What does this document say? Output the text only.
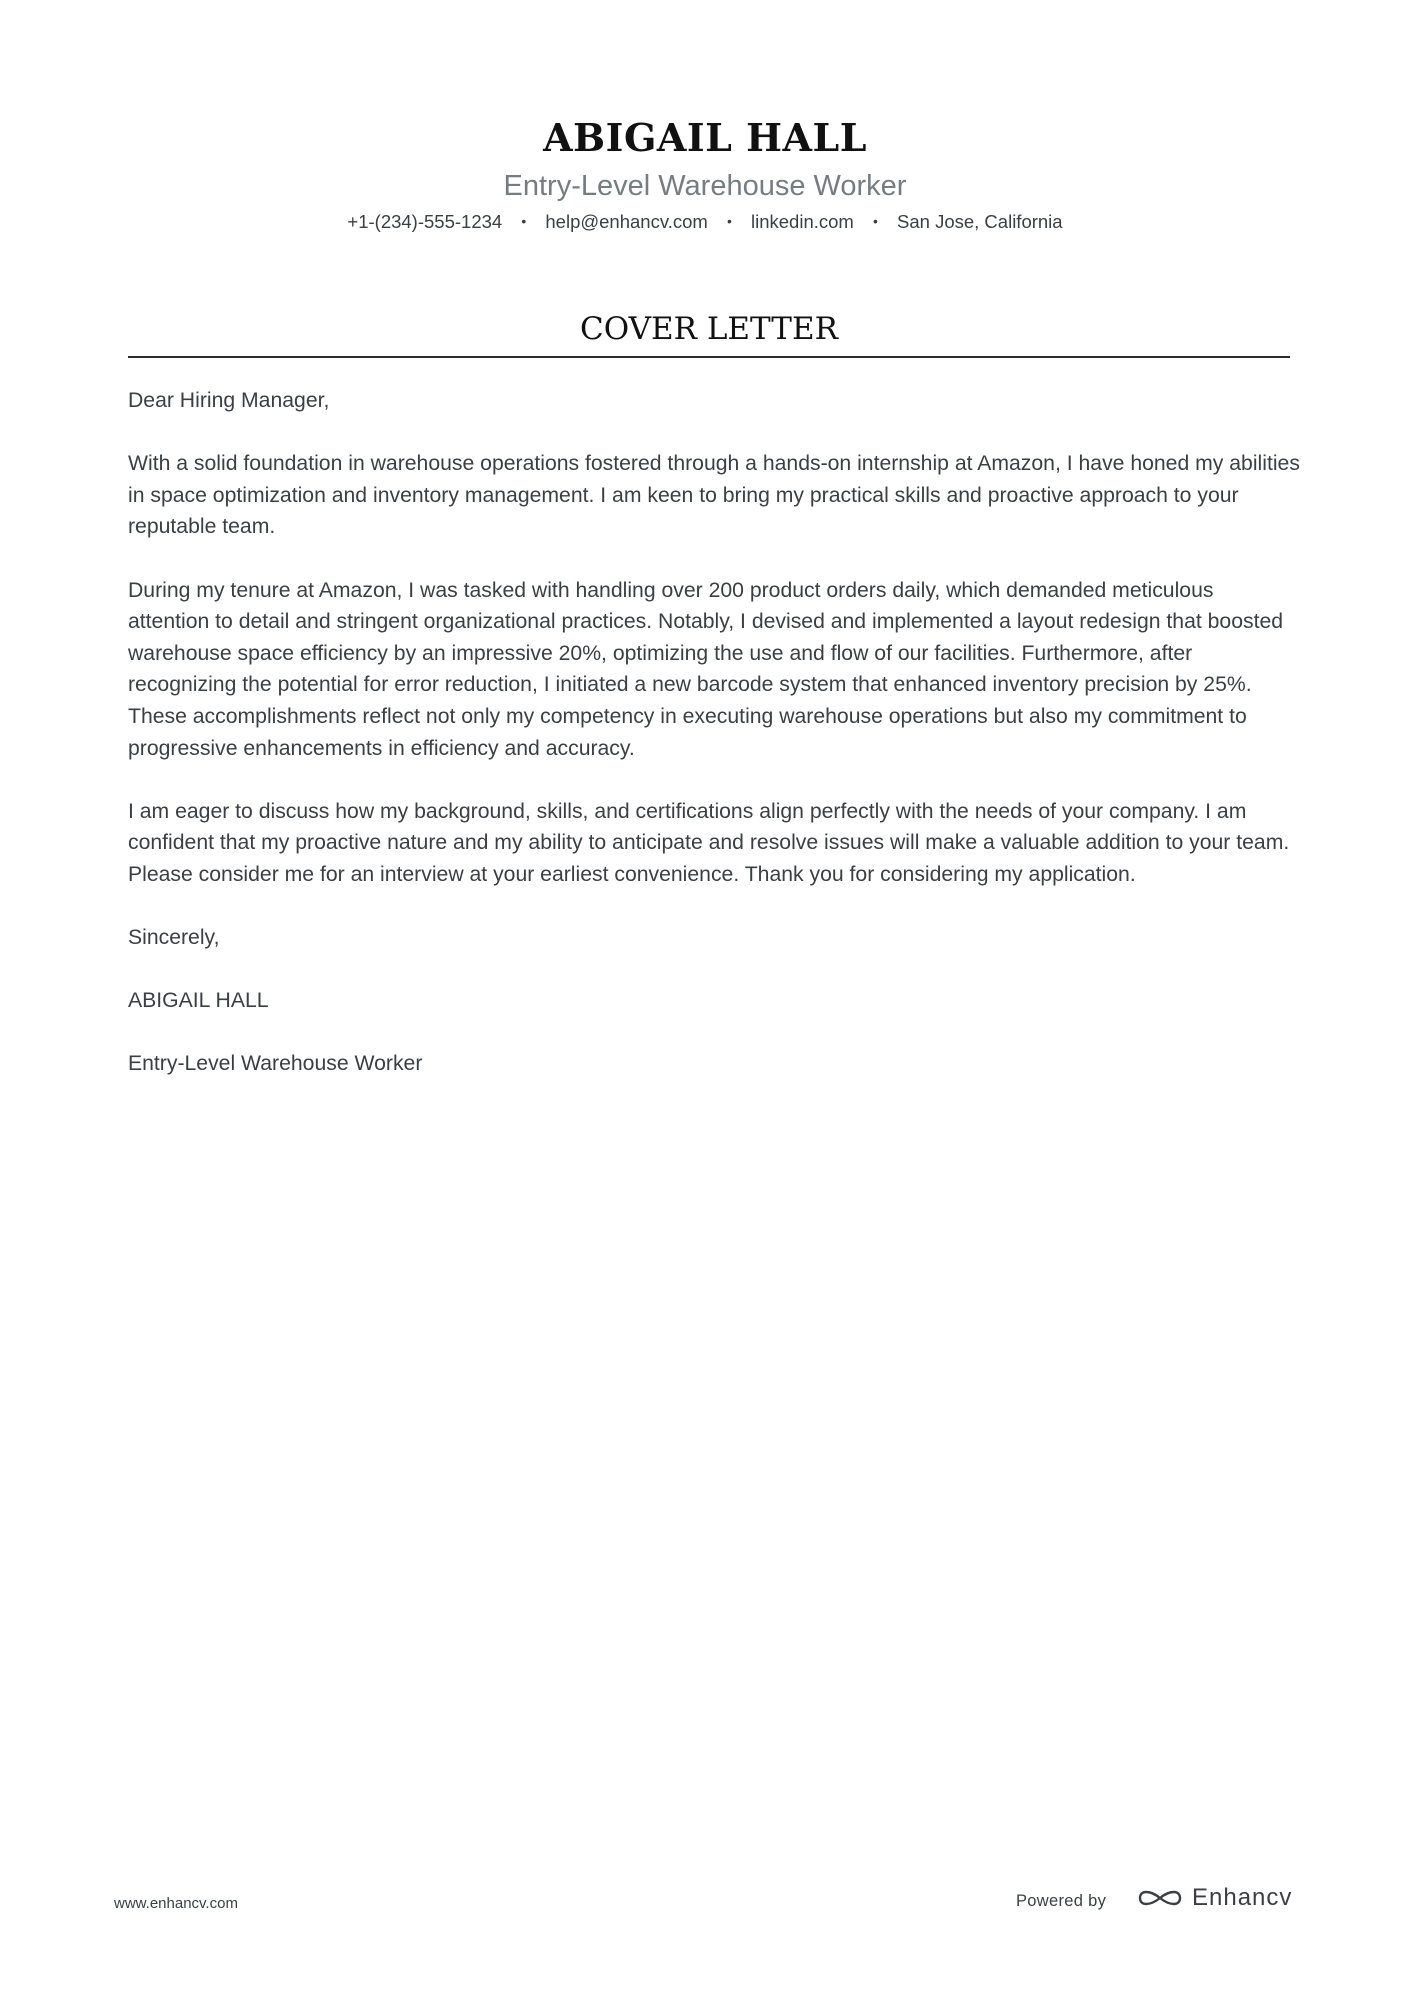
ABIGAIL HALL
Entry-Level Warehouse Worker
+1-(234)-555-1234 • help@enhancv.com • linkedin.com • San Jose, California
COVER LETTER

Dear Hiring Manager,

With a solid foundation in warehouse operations fostered through a hands-on internship at Amazon, I have honed my abilities in space optimization and inventory management. I am keen to bring my practical skills and proactive approach to your reputable team.

During my tenure at Amazon, I was tasked with handling over 200 product orders daily, which demanded meticulous attention to detail and stringent organizational practices. Notably, I devised and implemented a layout redesign that boosted warehouse space efficiency by an impressive 20%, optimizing the use and flow of our facilities. Furthermore, after recognizing the potential for error reduction, I initiated a new barcode system that enhanced inventory precision by 25%. These accomplishments reflect not only my competency in executing warehouse operations but also my commitment to progressive enhancements in efficiency and accuracy.

I am eager to discuss how my background, skills, and certifications align perfectly with the needs of your company. I am confident that my proactive nature and my ability to anticipate and resolve issues will make a valuable addition to your team. Please consider me for an interview at your earliest convenience. Thank you for considering my application.

Sincerely,

ABIGAIL HALL

Entry-Level Warehouse Worker

www.enhancv.com	Powered by	Enhancv
